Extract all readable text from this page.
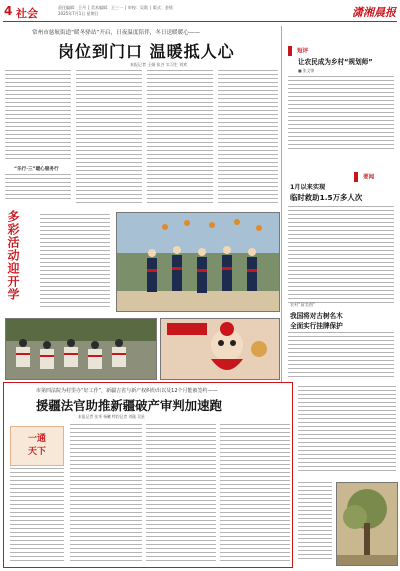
4 社会	责任编辑：王丹 │ 美术编辑：王三一 │ 审校：吴霞 │ 版式：金铭
2025年7月1日 星期日	潇湘晨报
常州市慈航街道“暖冬驿站”开启，日夜温度陪伴，冬日送暖暖心——
岗位到门口 温暖抵人心
本报记者 王娟 张谷 实习生 刘欢
“乐行·三”暖心服务行
多彩活动迎开学
短评
让农民成为乡村“规划师”
■ 张文锦
要闻
1月以来实现
临时救助1.5万多人次
农村“留美图”
我国将对古树名木
全面实行挂牌保护
市第四法院为村里办“好工作”，新疆吉省与新产权纠纷出以及12个月能被签约——
援疆法官助推新疆破产审判加速跑
本报记者 张华 杨曦 特约记者 刘璇 吴星
一通
天下
